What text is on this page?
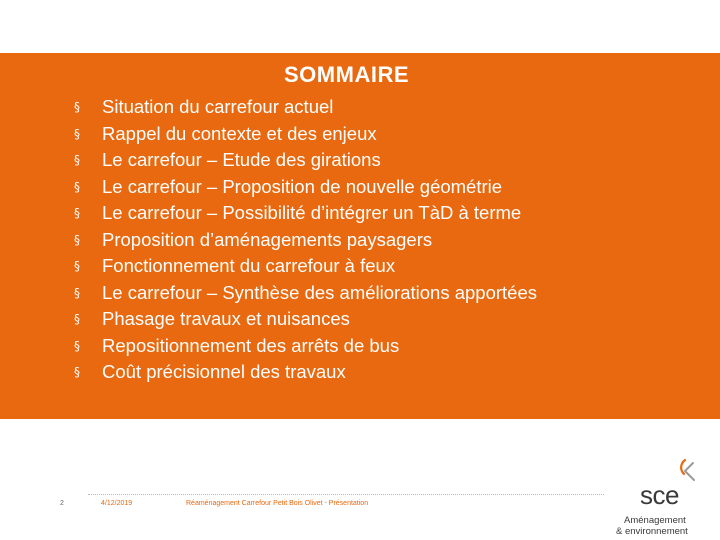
SOMMAIRE
§	Situation du carrefour actuel
§	Rappel du contexte et des enjeux
§	Le carrefour – Etude des girations
§	Le carrefour – Proposition de nouvelle géométrie
§	Le carrefour – Possibilité d’intégrer un TàD à terme
§	Proposition d’aménagements paysagers
§	Fonctionnement du carrefour à feux
§	Le carrefour – Synthèse des améliorations apportées
§	Phasage travaux et nuisances
§	Repositionnement des arrêts de bus
§	Coût précisionnel des travaux
2	4/12/2019	Réaménagement Carrefour Petit Bois Olivet - Présentation	sce
Aménagement
& environnement
